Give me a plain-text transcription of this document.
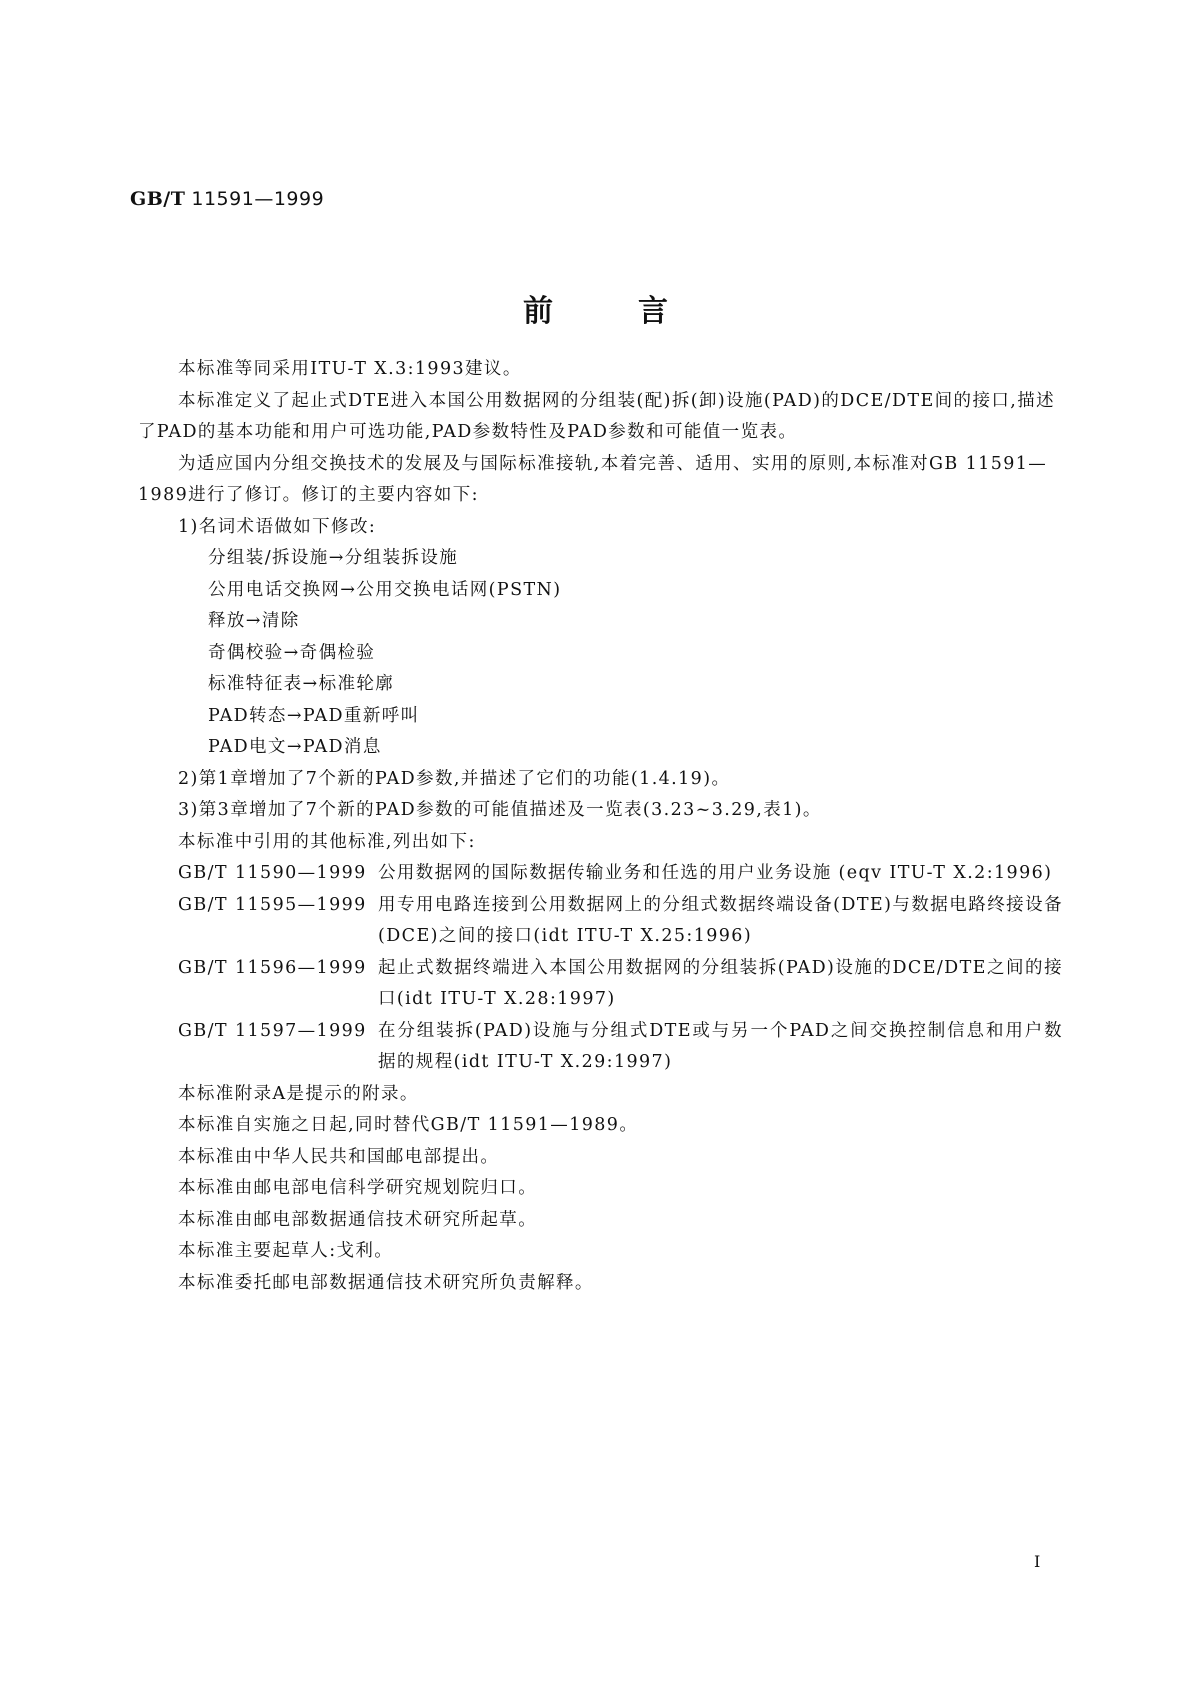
GB/T 11591—1999
前言

本标准等同采用ITU-T X.3:1993建议。

本标准定义了起止式DTE进入本国公用数据网的分组装(配)拆(卸)设施(PAD)的DCE/DTE间的接口,描述了PAD的基本功能和用户可选功能,PAD参数特性及PAD参数和可能值一览表。

为适应国内分组交换技术的发展及与国际标准接轨,本着完善、适用、实用的原则,本标准对GB 11591—1989进行了修订。修订的主要内容如下:

1)名词术语做如下修改:

分组装/拆设施→分组装拆设施

公用电话交换网→公用交换电话网(PSTN)

释放→清除

奇偶校验→奇偶检验

标准特征表→标准轮廓

PAD转态→PAD重新呼叫

PAD电文→PAD消息

2)第1章增加了7个新的PAD参数,并描述了它们的功能(1.4.19)。

3)第3章增加了7个新的PAD参数的可能值描述及一览表(3.23~3.29,表1)。

本标准中引用的其他标准,列出如下:

GB/T 11590—1999 公用数据网的国际数据传输业务和任选的用户业务设施 (eqv ITU-T X.2:1996)
GB/T 11595—1999 用专用电路连接到公用数据网上的分组式数据终端设备(DTE)与数据电路终接设备(DCE)之间的接口(idt ITU-T X.25:1996)
GB/T 11596—1999 起止式数据终端进入本国公用数据网的分组装拆(PAD)设施的DCE/DTE之间的接口(idt ITU-T X.28:1997)
GB/T 11597—1999 在分组装拆(PAD)设施与分组式DTE或与另一个PAD之间交换控制信息和用户数据的规程(idt ITU-T X.29:1997)

本标准附录A是提示的附录。

本标准自实施之日起,同时替代GB/T 11591—1989。

本标准由中华人民共和国邮电部提出。

本标准由邮电部电信科学研究规划院归口。

本标准由邮电部数据通信技术研究所起草。

本标准主要起草人:戈利。

本标准委托邮电部数据通信技术研究所负责解释。

I
